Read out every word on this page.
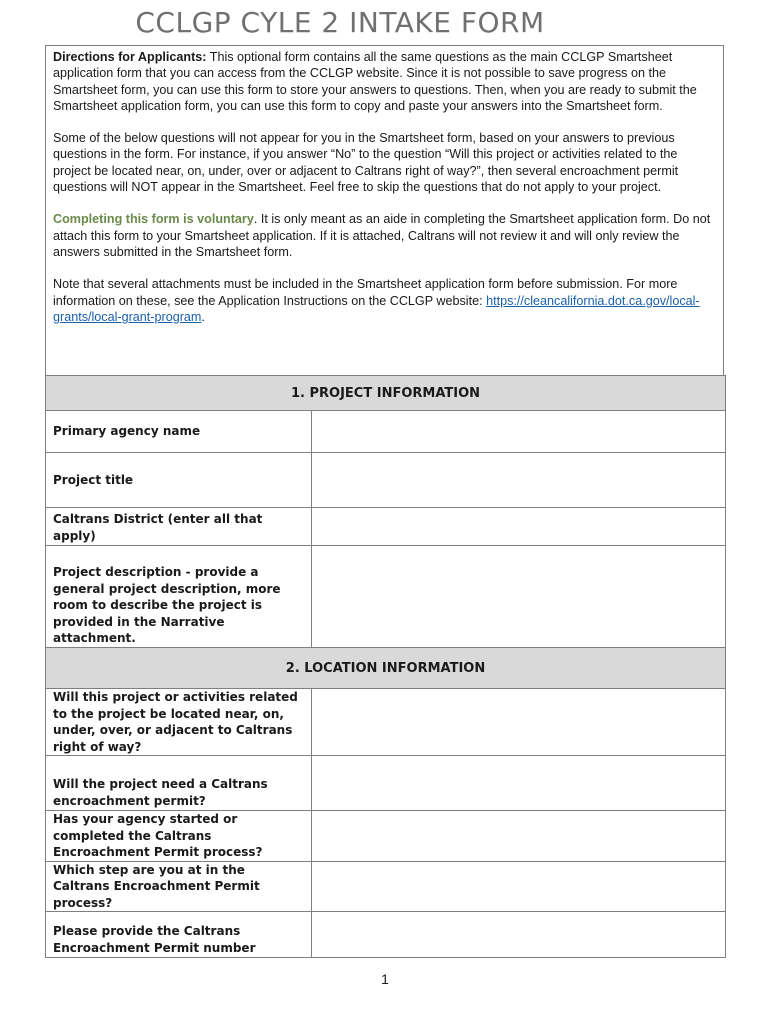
CCLGP CYLE 2 INTAKE FORM

Directions for Applicants: This optional form contains all the same questions as the main CCLGP Smartsheet application form that you can access from the CCLGP website. Since it is not possible to save progress on the Smartsheet form, you can use this form to store your answers to questions. Then, when you are ready to submit the Smartsheet application form, you can use this form to copy and paste your answers into the Smartsheet form.

Some of the below questions will not appear for you in the Smartsheet form, based on your answers to previous questions in the form. For instance, if you answer “No” to the question “Will this project or activities related to the project be located near, on, under, over or adjacent to Caltrans right of way?”, then several encroachment permit questions will NOT appear in the Smartsheet. Feel free to skip the questions that do not apply to your project.

Completing this form is voluntary. It is only meant as an aide in completing the Smartsheet application form. Do not attach this form to your Smartsheet application. If it is attached, Caltrans will not review it and will only review the answers submitted in the Smartsheet form.

Note that several attachments must be included in the Smartsheet application form before submission. For more information on these, see the Application Instructions on the CCLGP website: https://cleancalifornia.dot.ca.gov/local-grants/local-grant-program.

1. PROJECT INFORMATION	
Primary agency name	
Project title	
Caltrans District (enter all that apply)	
Project description - provide a general project description, more room to describe the project is provided in the Narrative attachment.	
2. LOCATION INFORMATION	
Will this project or activities related to the project be located near, on, under, over, or adjacent to Caltrans right of way?	
Will the project need a Caltrans encroachment permit?	
Has your agency started or completed the Caltrans Encroachment Permit process?	
Which step are you at in the Caltrans Encroachment Permit process?	
Please provide the Caltrans Encroachment Permit number	
1
